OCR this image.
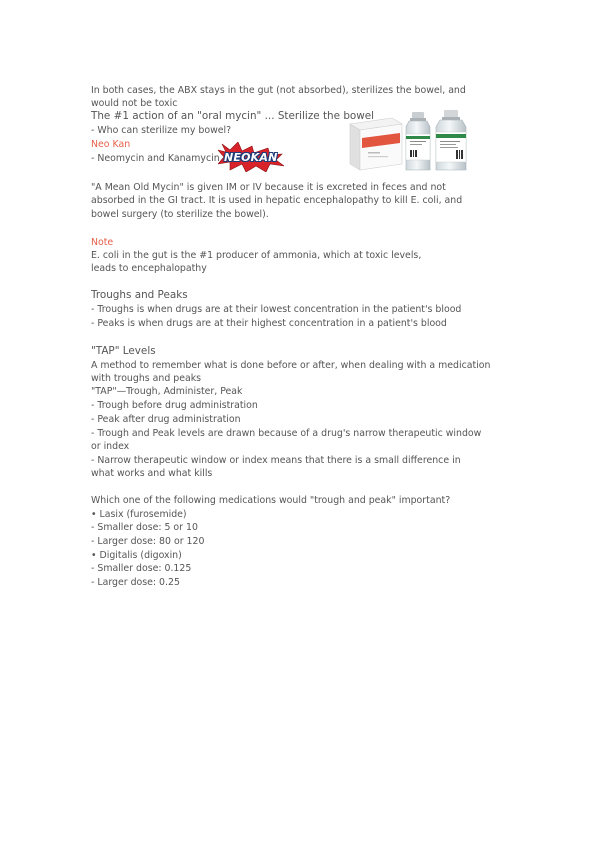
In both cases, the ABX stays in the gut (not absorbed), sterilizes the bowel, and
would not be toxic
The #1 action of an "oral mycin" ... Sterilize the bowel
- Who can sterilize my bowel?
Neo Kan
- Neomycin and Kanamycin NEOKAN
"A Mean Old Mycin" is given IM or IV because it is excreted in feces and not
absorbed in the GI tract. It is used in hepatic encephalopathy to kill E. coli, and
bowel surgery (to sterilize the bowel).
Note
E. coli in the gut is the #1 producer of ammonia, which at toxic levels,
leads to encephalopathy
Troughs and Peaks
- Troughs is when drugs are at their lowest concentration in the patient's blood
- Peaks is when drugs are at their highest concentration in a patient's blood
"TAP" Levels
A method to remember what is done before or after, when dealing with a medication
with troughs and peaks
"TAP"—Trough, Administer, Peak
- Trough before drug administration
- Peak after drug administration
- Trough and Peak levels are drawn because of a drug's narrow therapeutic window
or index
- Narrow therapeutic window or index means that there is a small difference in
what works and what kills
Which one of the following medications would "trough and peak" important?
• Lasix (furosemide)
- Smaller dose: 5 or 10
- Larger dose: 80 or 120
• Digitalis (digoxin)
- Smaller dose: 0.125
- Larger dose: 0.25
